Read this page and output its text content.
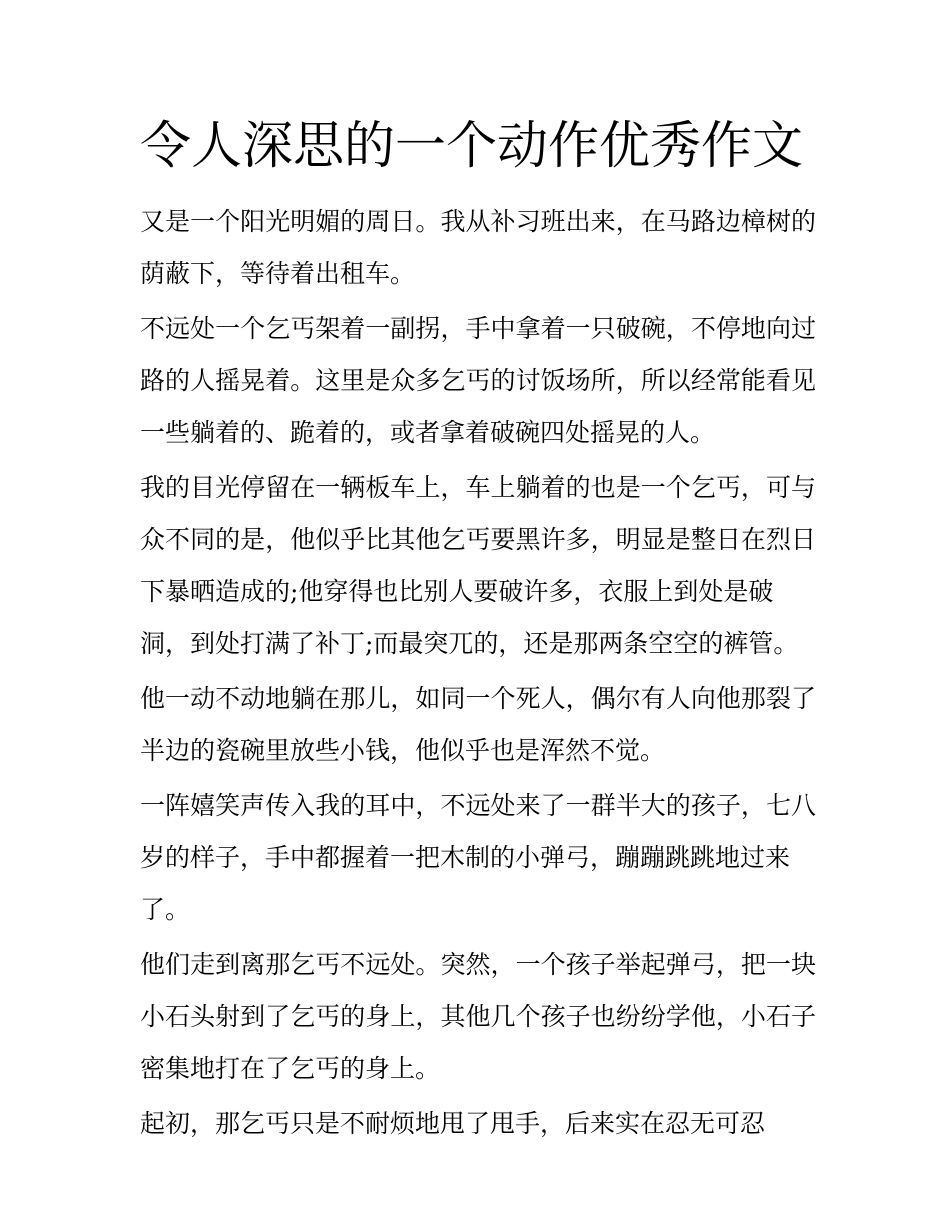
令人深思的一个动作优秀作文
又是一个阳光明媚的周日。我从补习班出来，在马路边樟树的
荫蔽下，等待着出租车。
不远处一个乞丐架着一副拐，手中拿着一只破碗，不停地向过
路的人摇晃着。这里是众多乞丐的讨饭场所，所以经常能看见
一些躺着的、跪着的，或者拿着破碗四处摇晃的人。
我的目光停留在一辆板车上，车上躺着的也是一个乞丐，可与
众不同的是，他似乎比其他乞丐要黑许多，明显是整日在烈日
下暴晒造成的;他穿得也比别人要破许多，衣服上到处是破
洞，到处打满了补丁;而最突兀的，还是那两条空空的裤管。
他一动不动地躺在那儿，如同一个死人，偶尔有人向他那裂了
半边的瓷碗里放些小钱，他似乎也是浑然不觉。
一阵嬉笑声传入我的耳中，不远处来了一群半大的孩子，七八
岁的样子，手中都握着一把木制的小弹弓，蹦蹦跳跳地过来
了。
他们走到离那乞丐不远处。突然，一个孩子举起弹弓，把一块
小石头射到了乞丐的身上，其他几个孩子也纷纷学他，小石子
密集地打在了乞丐的身上。
起初，那乞丐只是不耐烦地甩了甩手，后来实在忍无可忍
